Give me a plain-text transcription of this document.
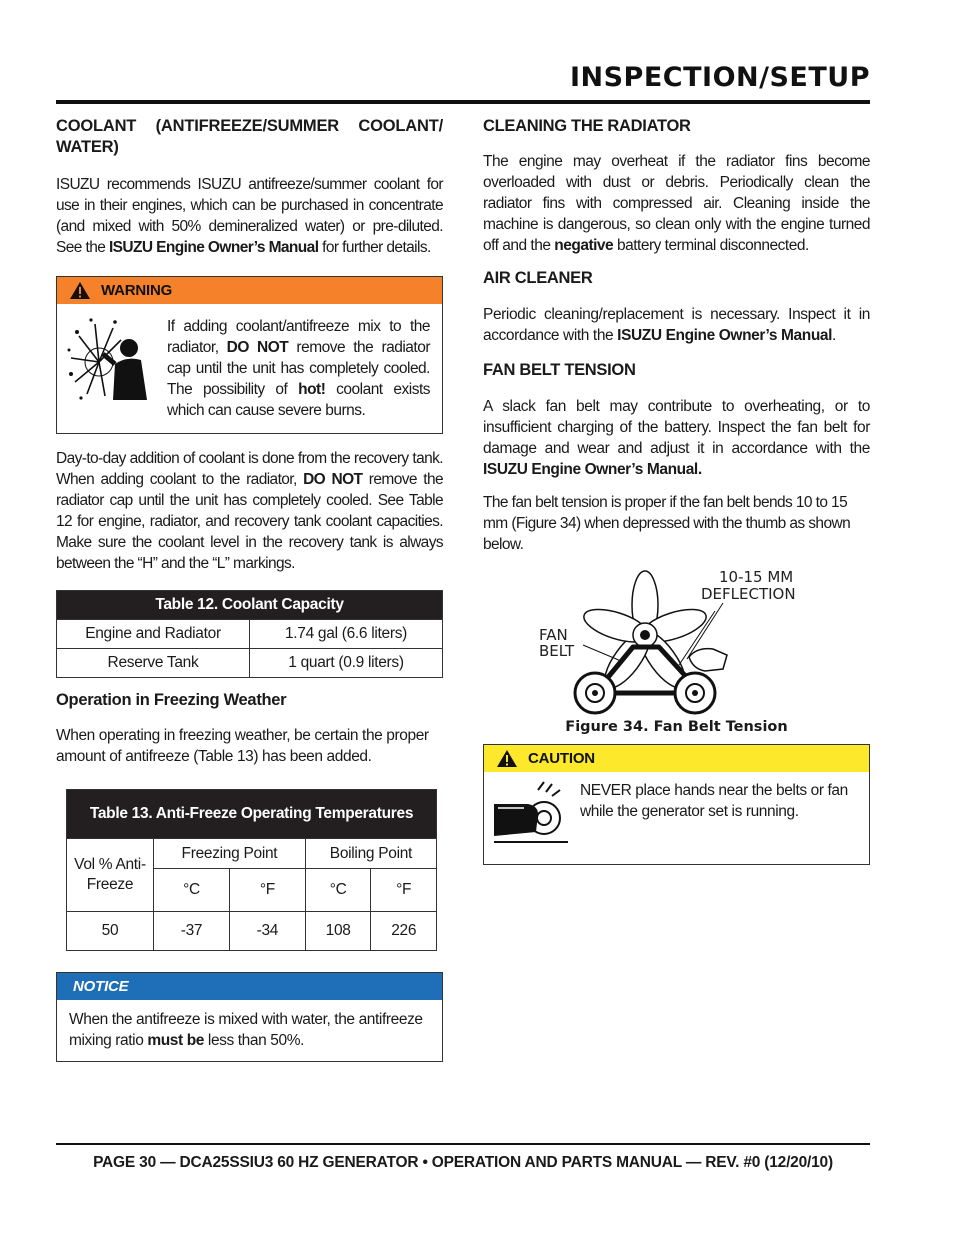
INSPECTION/SETUP
COOLANT (ANTIFREEZE/SUMMER COOLANT/ WATER)

ISUZU recommends ISUZU antifreeze/summer coolant for use in their engines, which can be purchased in concentrate (and mixed with 50% demineralized water) or pre-diluted. See the ISUZU Engine Owner’s Manual for further details.

WARNING

If adding coolant/antifreeze mix to the radiator, DO NOT remove the radiator cap until the unit has completely cooled. The possibility of hot! coolant exists which can cause severe burns.

Day-to-day addition of coolant is done from the recovery tank. When adding coolant to the radiator, DO NOT remove the radiator cap until the unit has completely cooled. See Table 12 for engine, radiator, and recovery tank coolant capacities. Make sure the coolant level in the recovery tank is always between the “H” and the “L” markings.

Table 12. Coolant Capacity	
Engine and Radiator	1.74 gal (6.6 liters)
Reserve Tank	1 quart (0.9 liters)
Operation in Freezing Weather

When operating in freezing weather, be certain the proper amount of antifreeze (Table 13) has been added.

Table 13. Anti-Freeze Operating Temperatures				
Vol % Anti- Freeze	Freezing Point		Boiling Point	
	°C	°F	°C	°F
50	-37	-34	108	226
NOTICE

When the antifreeze is mixed with water, the antifreeze mixing ratio must be less than 50%.

CLEANING THE RADIATOR

The engine may overheat if the radiator fins become overloaded with dust or debris. Periodically clean the radiator fins with compressed air. Cleaning inside the machine is dangerous, so clean only with the engine turned off and the negative battery terminal disconnected.

AIR CLEANER

Periodic cleaning/replacement is necessary. Inspect it in accordance with the ISUZU Engine Owner’s Manual.

FAN BELT TENSION

A slack fan belt may contribute to overheating, or to insufficient charging of the battery. Inspect the fan belt for damage and wear and adjust it in accordance with the ISUZU Engine Owner’s Manual.

The fan belt tension is proper if the fan belt bends 10 to 15 mm (Figure 34) when depressed with the thumb as shown below.

10-15 MM
DEFLECTION
FAN
BELT
Figure 34. Fan Belt Tension
CAUTION

NEVER place hands near the belts or fan while the generator set is running.

PAGE 30 — DCA25SSIU3 60 HZ GENERATOR • OPERATION AND PARTS MANUAL — REV. #0 (12/20/10)
